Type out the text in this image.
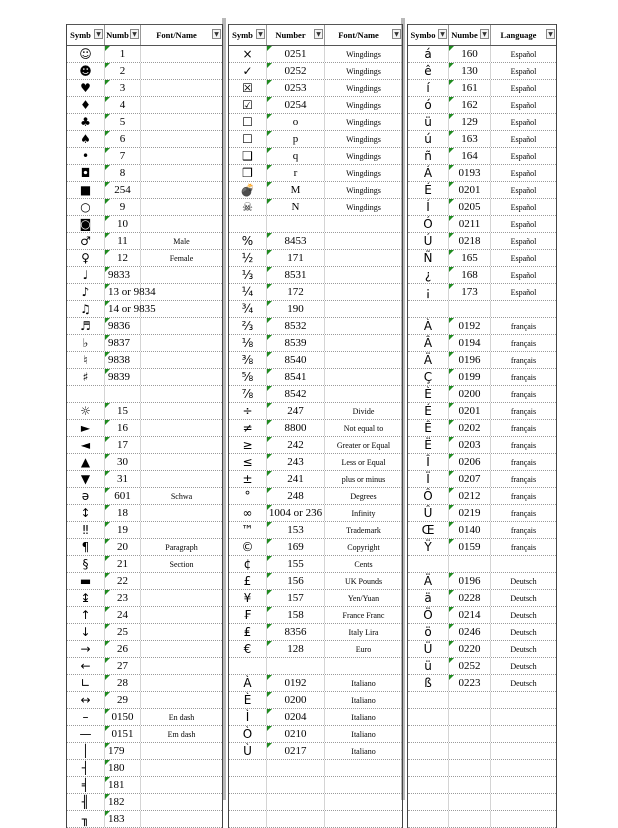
Symb ▼ Numb ▼ Font/Name	▼
☺	1
☻	2
♥	3
♦	4
♣	5
♠	6
•	7
◘	8
■	254
○	9
◙	10
♂	11	Male
♀	12	Female
♩	9833
♪	13 or 9834
♫	14 or 9835
♬	9836
♭	9837
♮	9838
♯	9839
☼	15
►	16
◄	17
▲	30
▼	31
ə	601	Schwa
↕	18
‼	19
¶	20	Paragraph
§	21	Section
▬	22
↨	23
↑	24
↓	25
→	26
←	27
∟	28
↔	29
–	0150	En dash
—	0151	Em dash
│	179
┤	180
╡	181
╢	182
╖	183
Symb ▼ Number	▼ Font/Name	▼
×	0251	Wingdings
✓	0252	Wingdings
☒	0253	Wingdings
☑	0254	Wingdings
☐	o	Wingdings
☐	p	Wingdings
❑	q	Wingdings
❒	r	Wingdings
💣	M	Wingdings
☠	N	Wingdings
%	8453
½	171
⅓	8531
¼	172
¾	190
⅔	8532
⅛	8539
⅜	8540
⅝	8541
⅞	8542
÷	247	Divide
≠	8800	Not equal to
≥	242	Greater or Equal
≤	243	Less or Equal
±	241	plus or minus
°	248	Degrees
∞	1004 or 236	Infinity
™	153	Trademark
©	169	Copyright
¢	155	Cents
£	156	UK Pounds
¥	157	Yen/Yuan
₣	158	France Franc
₤	8356	Italy Lira
€	128	Euro
À	0192	Italiano
È	0200	Italiano
Ì	0204	Italiano
Ò	0210	Italiano
Ù	0217	Italiano
Symbo ▼ Numbe ▼ Language	▼
á	160	Español
ê	130	Español
í	161	Español
ó	162	Español
ü	129	Español
ú	163	Español
ñ	164	Español
Á	0193	Español
É	0201	Español
Í	0205	Español
Ó	0211	Español
Ú	0218	Español
Ñ	165	Español
¿	168	Español
¡	173	Español
À	0192	français
Â	0194	français
Ä	0196	français
Ç	0199	français
È	0200	français
É	0201	français
Ê	0202	français
Ë	0203	français
Î	0206	français
Ï	0207	français
Ô	0212	français
Û	0219	français
Œ	0140	français
Ÿ	0159	français
Ä	0196	Deutsch
ä	0228	Deutsch
Ö	0214	Deutsch
ö	0246	Deutsch
Ü	0220	Deutsch
ü	0252	Deutsch
ß	0223	Deutsch
